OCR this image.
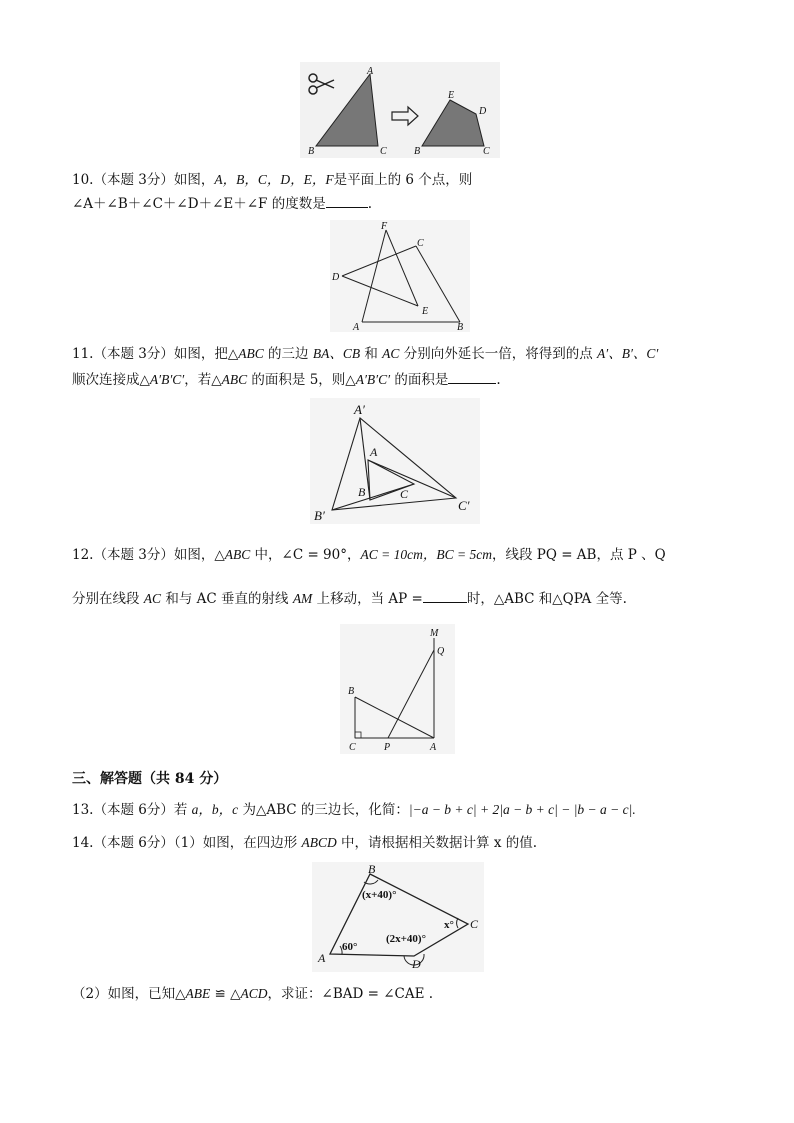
A
B	C
E
D
B	C
10.（本题 3分）如图，A，B，C，D，E，F是平面上的 6 个点，则
∠A＋∠B＋∠C＋∠D＋∠E＋∠F 的度数是	.
F
C
D
E
A	B
11.（本题 3分）如图，把△ABC 的三边 BA、CB 和 AC 分别向外延长一倍，将得到的点 A′、B′、C′
顺次连接成△A′B′C′，若△ABC 的面积是 5，则△A′B′C′ 的面积是	.
A′
A
B	C
B′
C′
12.（本题 3分）如图，△ABC 中，∠C = 90°，AC = 10cm，BC = 5cm，线段 PQ = AB，点 P 、Q
分别在线段 AC 和与 AC 垂直的射线 AM 上移动，当 AP =	时，△ABC 和△QPA 全等.
M
Q
B
C	P	A
三、解答题（共 84 分）
13.（本题 6分）若 a，b，c 为△ABC 的三边长，化简：|−a − b + c| + 2|a − b + c| − |b − a − c|.
14.（本题 6分）（1）如图，在四边形 ABCD 中，请根据相关数据计算 x 的值.
B
C
A	D
(x+40)°
60°
(2x+40)°
x°
（2）如图，已知△ABE ≌ △ACD，求证：∠BAD = ∠CAE .
